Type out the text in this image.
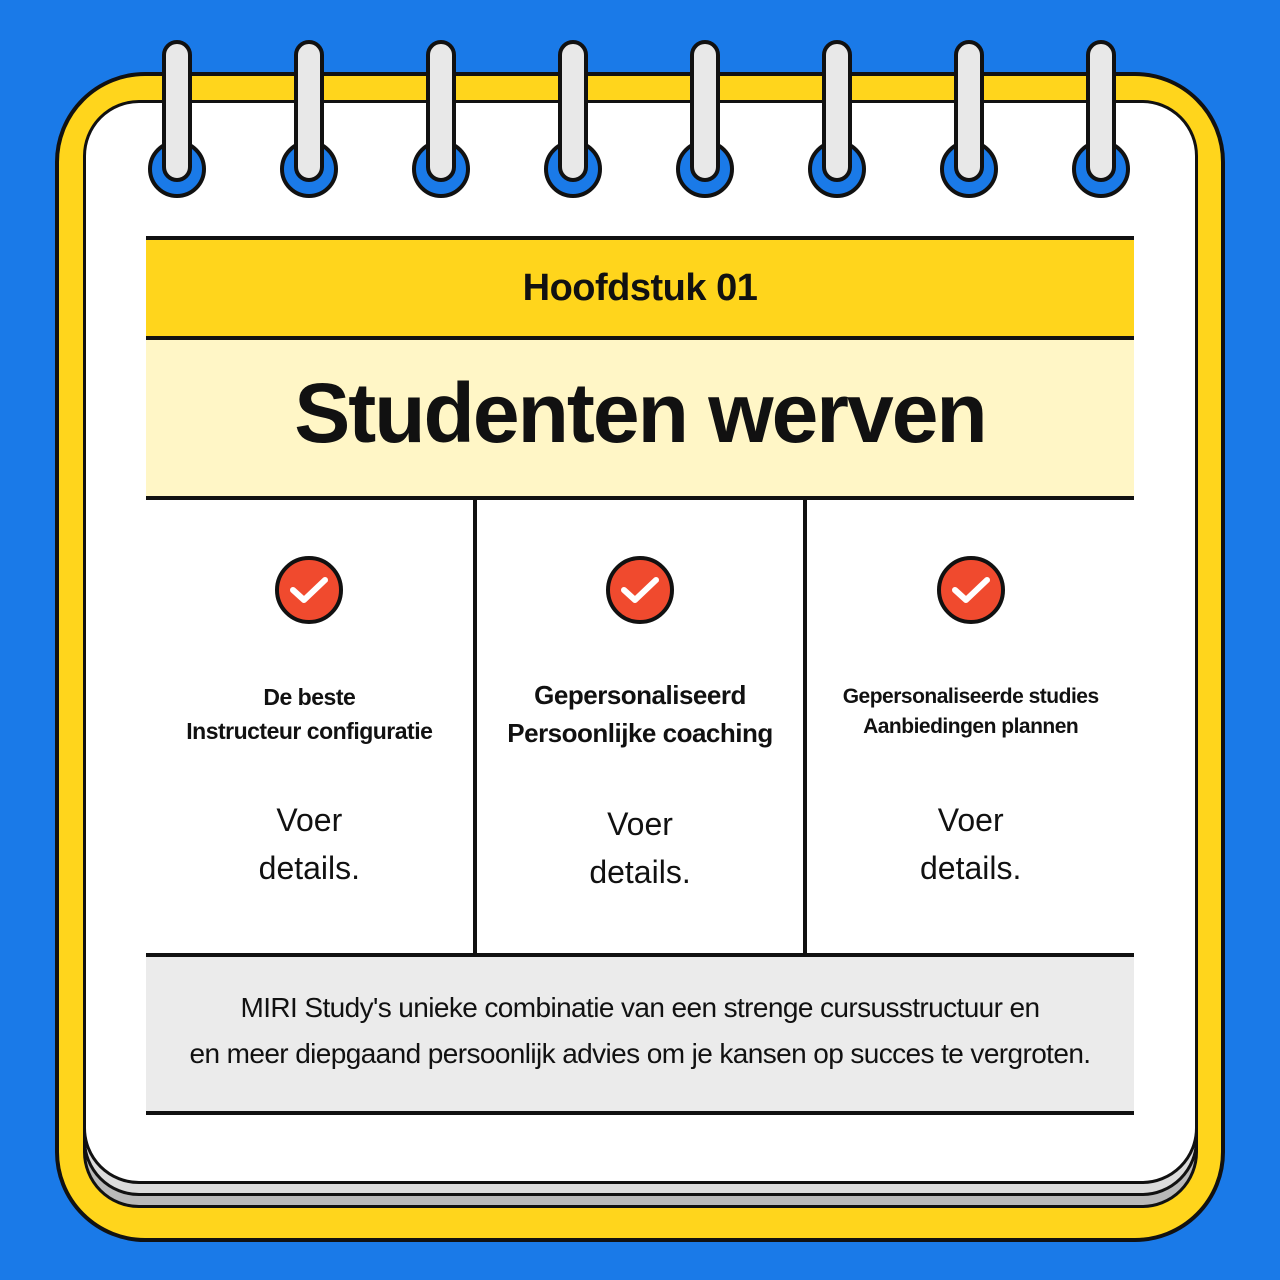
Hoofdstuk 01
Studenten werven
De beste
Instructeur configuratie
Voer
details.
Gepersonaliseerd
Persoonlijke coaching
Voer
details.
Gepersonaliseerde studies
Aanbiedingen plannen
Voer
details.
MIRI Study's unieke combinatie van een strenge cursusstructuur en
en meer diepgaand persoonlijk advies om je kansen op succes te vergroten.
